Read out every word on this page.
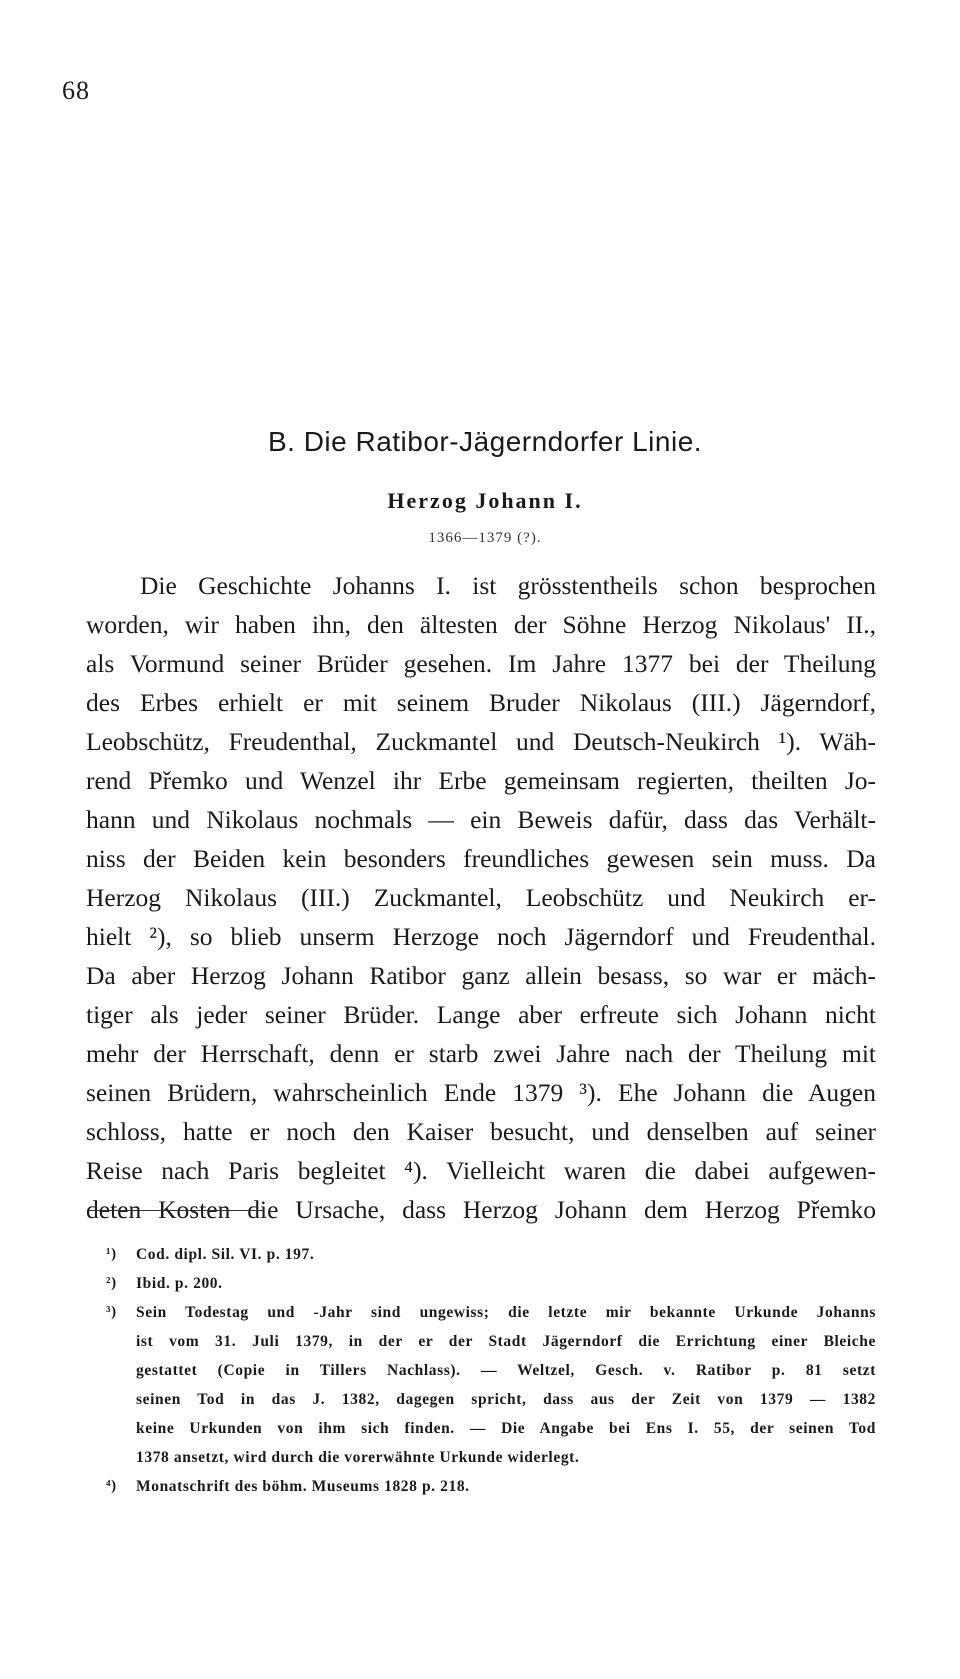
68
B. Die Ratibor-Jägerndorfer Linie.
Herzog Johann I.
1366—1379 (?).
Die Geschichte Johanns I. ist grösstentheils schon besprochen
worden, wir haben ihn, den ältesten der Söhne Herzog Nikolaus' II.,
als Vormund seiner Brüder gesehen. Im Jahre 1377 bei der Theilung
des Erbes erhielt er mit seinem Bruder Nikolaus (III.) Jägerndorf,
Leobschütz, Freudenthal, Zuckmantel und Deutsch-Neukirch ¹). Wäh-
rend Přemko und Wenzel ihr Erbe gemeinsam regierten, theilten Jo-
hann und Nikolaus nochmals — ein Beweis dafür, dass das Verhält-
niss der Beiden kein besonders freundliches gewesen sein muss. Da
Herzog Nikolaus (III.) Zuckmantel, Leobschütz und Neukirch er-
hielt ²), so blieb unserm Herzoge noch Jägerndorf und Freudenthal.
Da aber Herzog Johann Ratibor ganz allein besass, so war er mäch-
tiger als jeder seiner Brüder. Lange aber erfreute sich Johann nicht
mehr der Herrschaft, denn er starb zwei Jahre nach der Theilung mit
seinen Brüdern, wahrscheinlich Ende 1379 ³). Ehe Johann die Augen
schloss, hatte er noch den Kaiser besucht, und denselben auf seiner
Reise nach Paris begleitet ⁴). Vielleicht waren die dabei aufgewen-
deten Kosten die Ursache, dass Herzog Johann dem Herzog Přemko
¹) Cod. dipl. Sil. VI. p. 197.
²) Ibid. p. 200.
³) Sein Todestag und -Jahr sind ungewiss; die letzte mir bekannte Urkunde Johanns
ist vom 31. Juli 1379, in der er der Stadt Jägerndorf die Errichtung einer Bleiche
gestattet (Copie in Tillers Nachlass). — Weltzel, Gesch. v. Ratibor p. 81 setzt
seinen Tod in das J. 1382, dagegen spricht, dass aus der Zeit von 1379 — 1382
keine Urkunden von ihm sich finden. — Die Angabe bei Ens I. 55, der seinen Tod
1378 ansetzt, wird durch die vorerwähnte Urkunde widerlegt.
⁴) Monatschrift des böhm. Museums 1828 p. 218.
